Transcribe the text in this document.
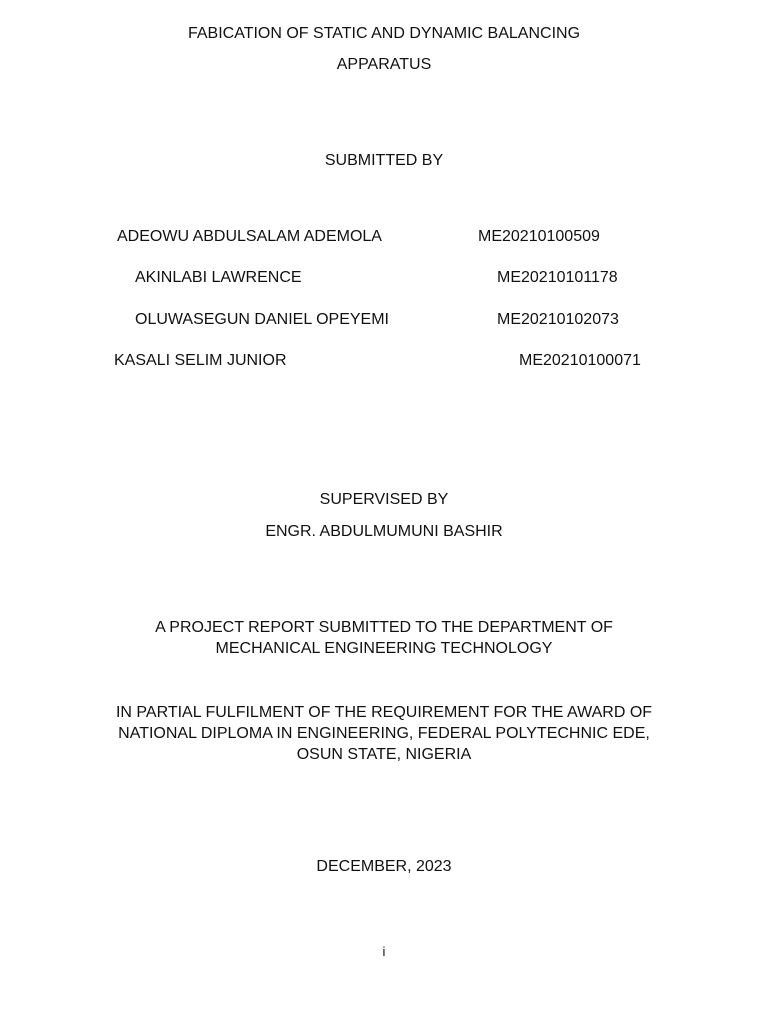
FABICATION OF STATIC AND DYNAMIC BALANCING
APPARATUS
SUBMITTED BY
ADEOWU ABDULSALAM ADEMOLA	ME20210100509
AKINLABI LAWRENCE	ME20210101178
OLUWASEGUN DANIEL OPEYEMI	ME20210102073
KASALI SELIM JUNIOR	ME20210100071
SUPERVISED BY
ENGR. ABDULMUMUNI BASHIR
A PROJECT REPORT SUBMITTED TO THE DEPARTMENT OF
MECHANICAL ENGINEERING TECHNOLOGY
IN PARTIAL FULFILMENT OF THE REQUIREMENT FOR THE AWARD OF
NATIONAL DIPLOMA IN ENGINEERING, FEDERAL POLYTECHNIC EDE,
OSUN STATE, NIGERIA
DECEMBER, 2023
i
